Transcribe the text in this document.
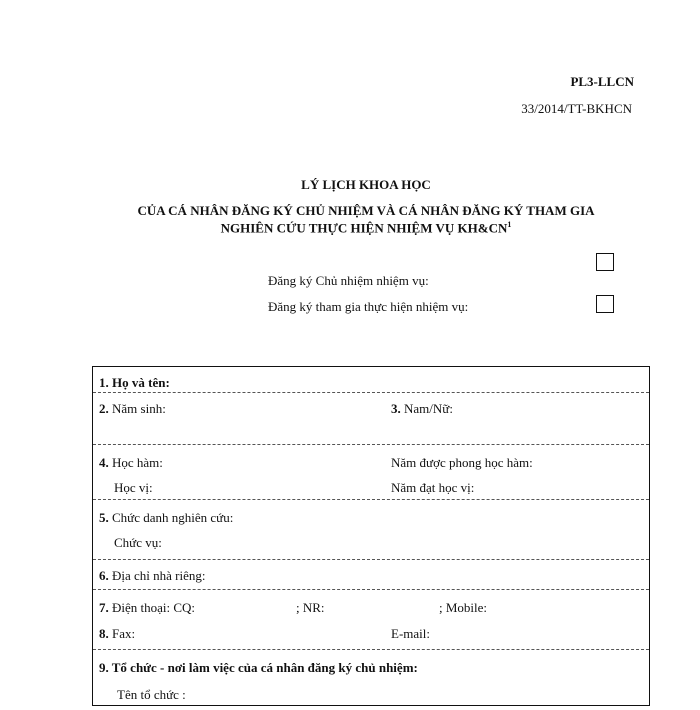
PL3-LLCN
33/2014/TT-BKHCN
LÝ LỊCH KHOA HỌC
CỦA CÁ NHÂN ĐĂNG KÝ CHỦ NHIỆM VÀ CÁ NHÂN ĐĂNG KÝ THAM GIA
NGHIÊN CỨU THỰC HIỆN NHIỆM VỤ $KH\&CN^1$
Đăng ký Chủ nhiệm nhiệm vụ:
Đăng ký tham gia thực hiện nhiệm vụ:
1. Họ và tên:
2. Năm sinh:	3. Nam/Nữ:
4. Học hàm:	Năm được phong học hàm:
Học vị:	Năm đạt học vị:
5. Chức danh nghiên cứu:
Chức vụ:
6. Địa chỉ nhà riêng:
7. Điện thoại: CQ:	; NR:	; Mobile:
8. Fax:	E-mail:
9. Tổ chức - nơi làm việc của cá nhân đăng ký chủ nhiệm:
Tên tổ chức :
